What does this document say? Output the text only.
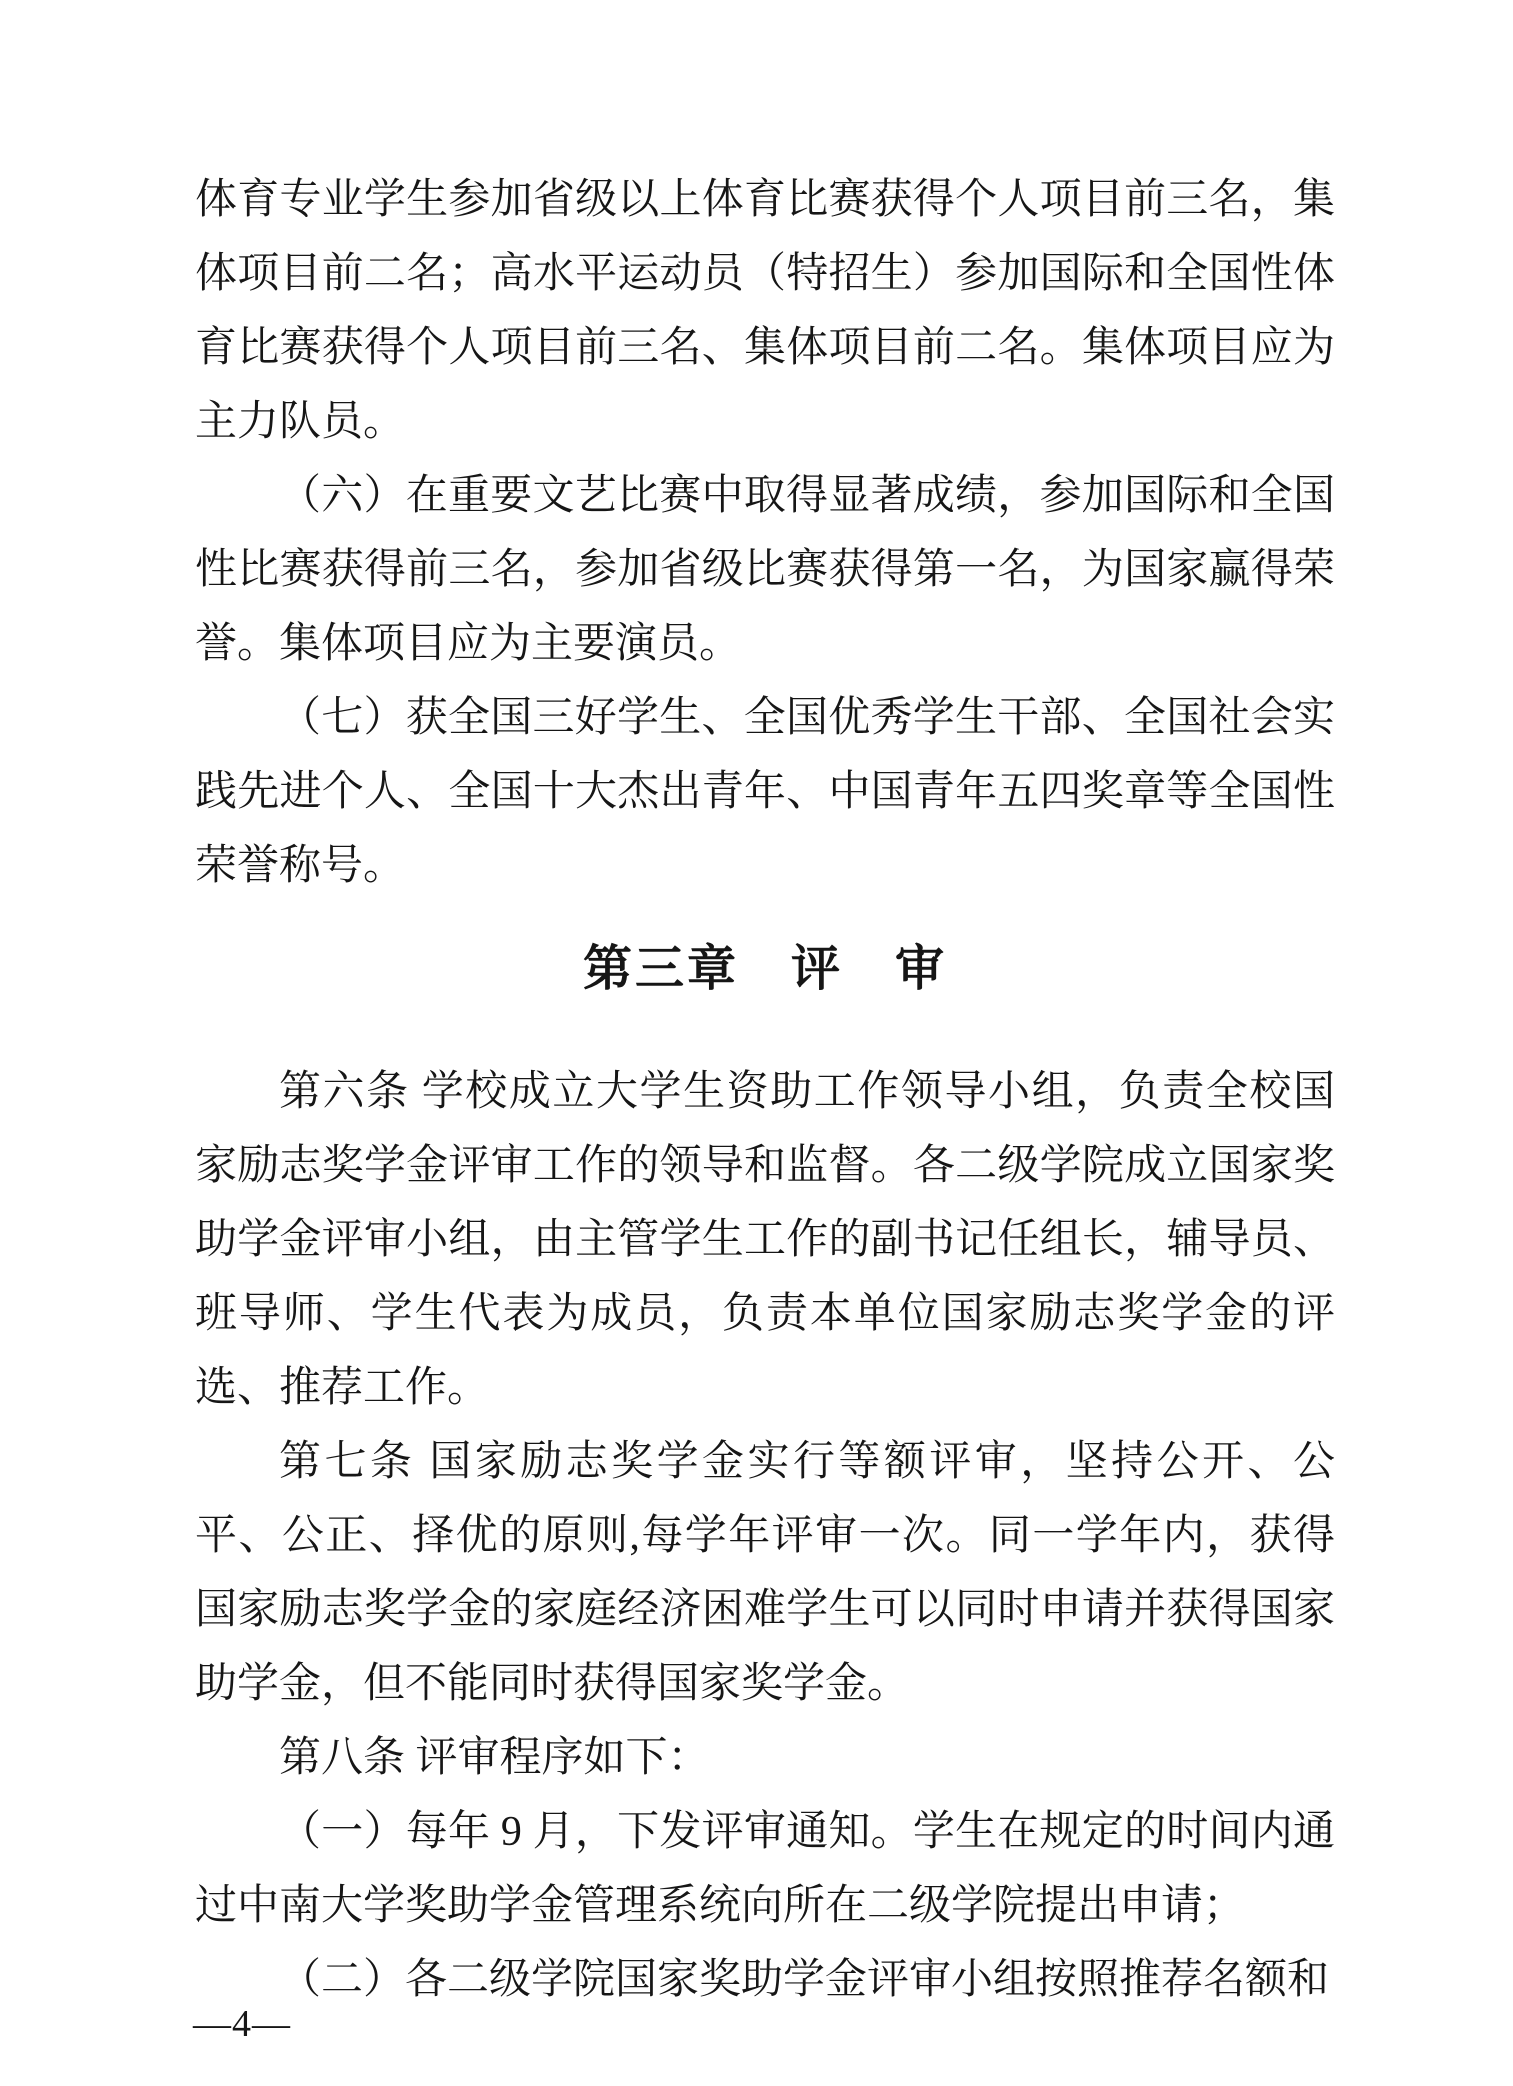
体育专业学生参加省级以上体育比赛获得个人项目前三名，集体项目前二名；高水平运动员（特招生）参加国际和全国性体育比赛获得个人项目前三名、集体项目前二名。集体项目应为主力队员。

（六）在重要文艺比赛中取得显著成绩，参加国际和全国性比赛获得前三名，参加省级比赛获得第一名，为国家赢得荣誉。集体项目应为主要演员。

（七）获全国三好学生、全国优秀学生干部、全国社会实践先进个人、全国十大杰出青年、中国青年五四奖章等全国性荣誉称号。

第三章　评　审

第六条 学校成立大学生资助工作领导小组，负责全校国家励志奖学金评审工作的领导和监督。各二级学院成立国家奖助学金评审小组，由主管学生工作的副书记任组长，辅导员、班导师、学生代表为成员，负责本单位国家励志奖学金的评选、推荐工作。

第七条 国家励志奖学金实行等额评审，坚持公开、公平、公正、择优的原则,每学年评审一次。同一学年内，获得国家励志奖学金的家庭经济困难学生可以同时申请并获得国家助学金，但不能同时获得国家奖学金。

第八条 评审程序如下：

（一）每年 9 月，下发评审通知。学生在规定的时间内通过中南大学奖助学金管理系统向所在二级学院提出申请；

（二）各二级学院国家奖助学金评审小组按照推荐名额和

—4—
